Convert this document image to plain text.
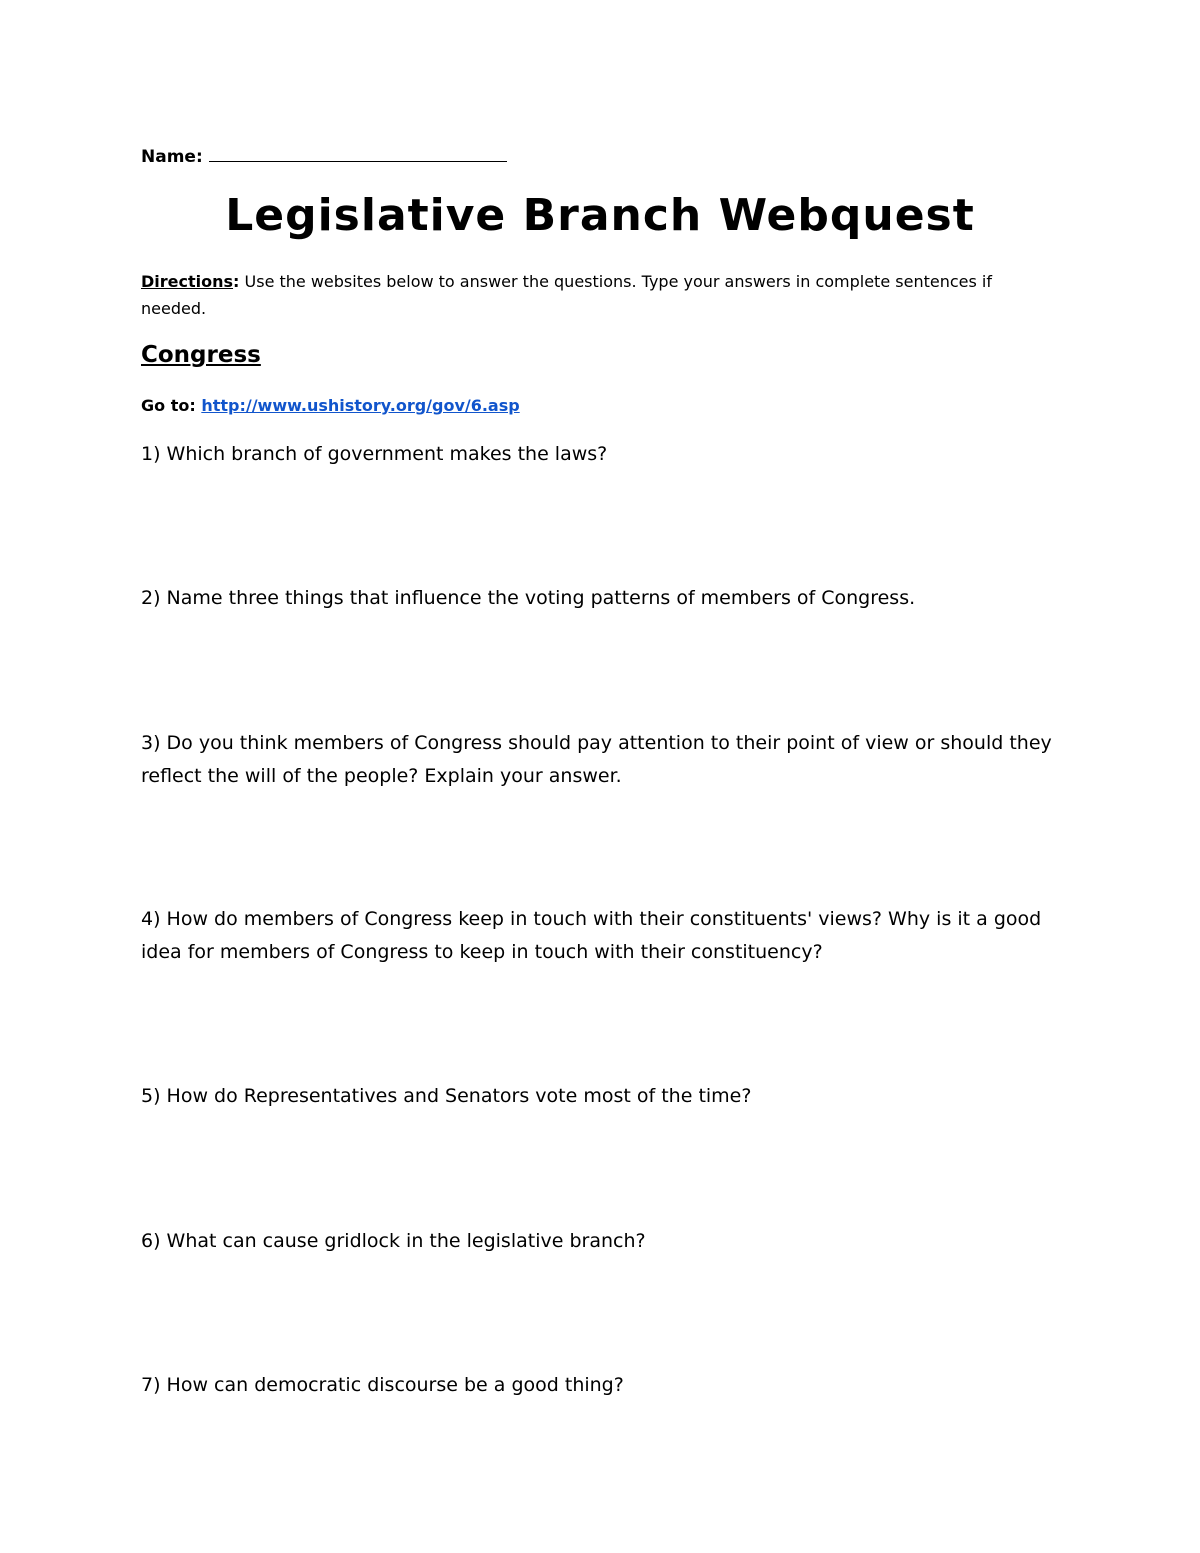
Name:
Legislative Branch Webquest
Directions: Use the websites below to answer the questions. Type your answers in complete sentences if needed.
Congress
Go to: http://www.ushistory.org/gov/6.asp
1) Which branch of government makes the laws?
2) Name three things that influence the voting patterns of members of Congress.
3) Do you think members of Congress should pay attention to their point of view or should they reflect the will of the people? Explain your answer.
4) How do members of Congress keep in touch with their constituents' views? Why is it a good idea for members of Congress to keep in touch with their constituency?
5) How do Representatives and Senators vote most of the time?
6) What can cause gridlock in the legislative branch?
7) How can democratic discourse be a good thing?
